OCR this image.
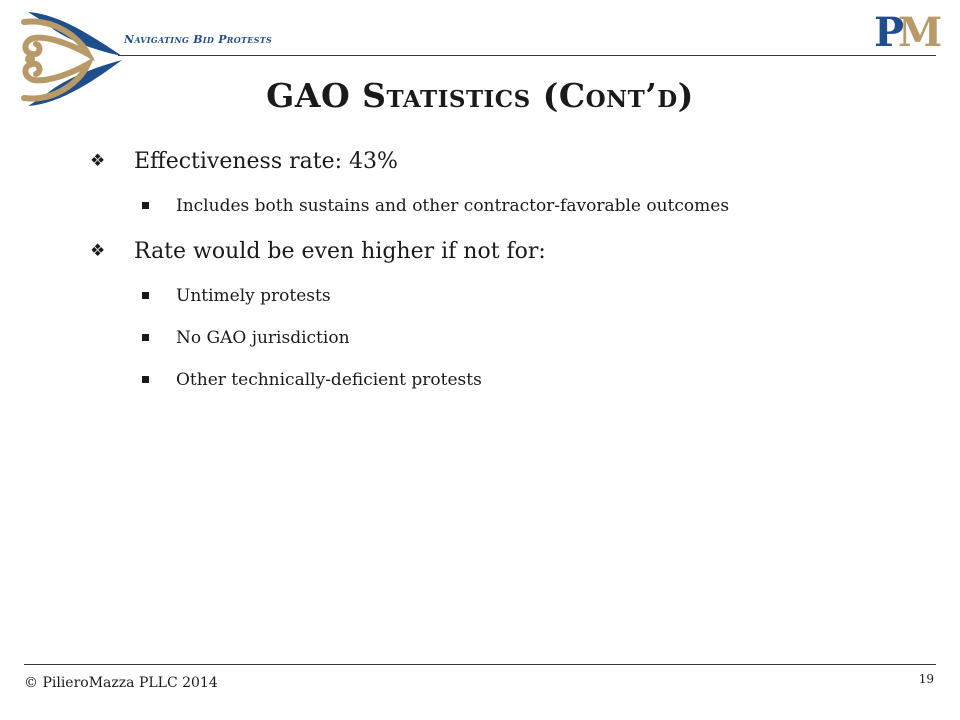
Navigating Bid Protests	P
M
GAO Statistics (Cont’d)
❖	Effectiveness rate: 43%
Includes both sustains and other contractor-favorable outcomes
❖	Rate would be even higher if not for:
Untimely protests
No GAO jurisdiction
Other technically-deficient protests
© PilieroMazza PLLC 2014	19
